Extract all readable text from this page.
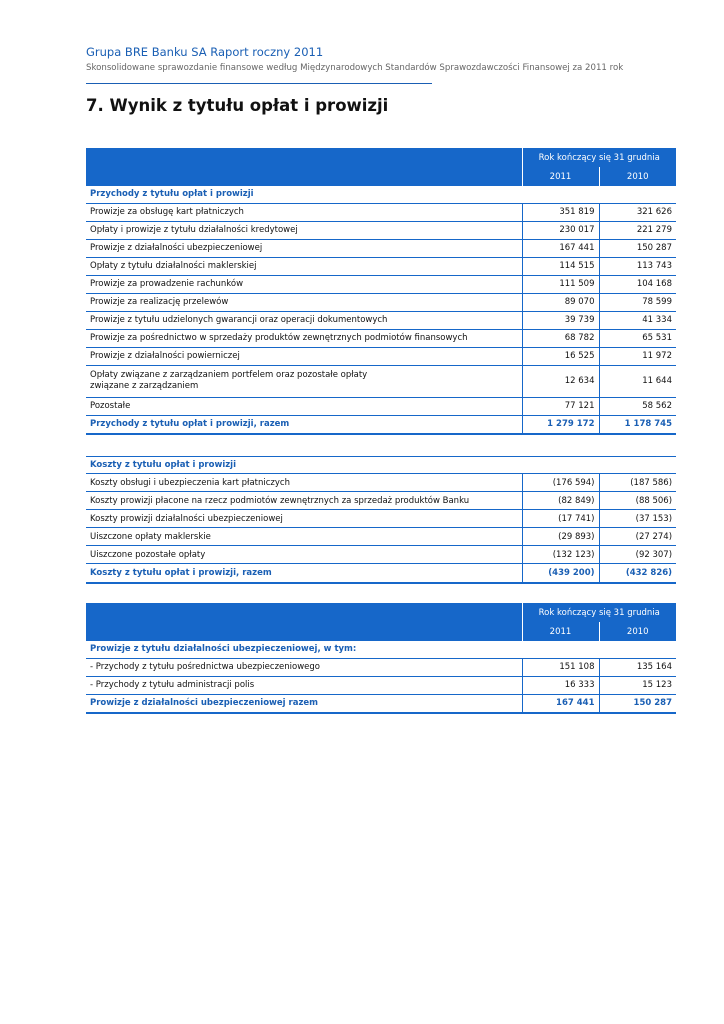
Grupa BRE Banku SA Raport roczny 2011
Skonsolidowane sprawozdanie finansowe według Międzynarodowych Standardów Sprawozdawczości Finansowej za 2011 rok
7. Wynik z tytułu opłat i prowizji
	Rok kończący się 31 grudnia	
	2011	2010
Przychody z tytułu opłat i prowizji		
Prowizje za obsługę kart płatniczych	351 819	321 626
Opłaty i prowizje z tytułu działalności kredytowej	230 017	221 279
Prowizje z działalności ubezpieczeniowej	167 441	150 287
Opłaty z tytułu działalności maklerskiej	114 515	113 743
Prowizje za prowadzenie rachunków	111 509	104 168
Prowizje za realizację przelewów	89 070	78 599
Prowizje z tytułu udzielonych gwarancji oraz operacji dokumentowych	39 739	41 334
Prowizje za pośrednictwo w sprzedaży produktów zewnętrznych podmiotów finansowych	68 782	65 531
Prowizje z działalności powierniczej	16 525	11 972
Opłaty związane z zarządzaniem portfelem oraz pozostałe opłaty związane z zarządzaniem	12 634	11 644
Pozostałe	77 121	58 562
Przychody z tytułu opłat i prowizji, razem	1 279 172	1 178 745
Koszty z tytułu opłat i prowizji		
Koszty obsługi i ubezpieczenia kart płatniczych	(176 594)	(187 586)
Koszty prowizji płacone na rzecz podmiotów zewnętrznych za sprzedaż produktów Banku	(82 849)	(88 506)
Koszty prowizji działalności ubezpieczeniowej	(17 741)	(37 153)
Uiszczone opłaty maklerskie	(29 893)	(27 274)
Uiszczone pozostałe opłaty	(132 123)	(92 307)
Koszty z tytułu opłat i prowizji, razem	(439 200)	(432 826)
	Rok kończący się 31 grudnia	
	2011	2010
Prowizje z tytułu działalności ubezpieczeniowej, w tym:		
- Przychody z tytułu pośrednictwa ubezpieczeniowego	151 108	135 164
- Przychody z tytułu administracji polis	16 333	15 123
Prowizje z działalności ubezpieczeniowej razem	167 441	150 287
